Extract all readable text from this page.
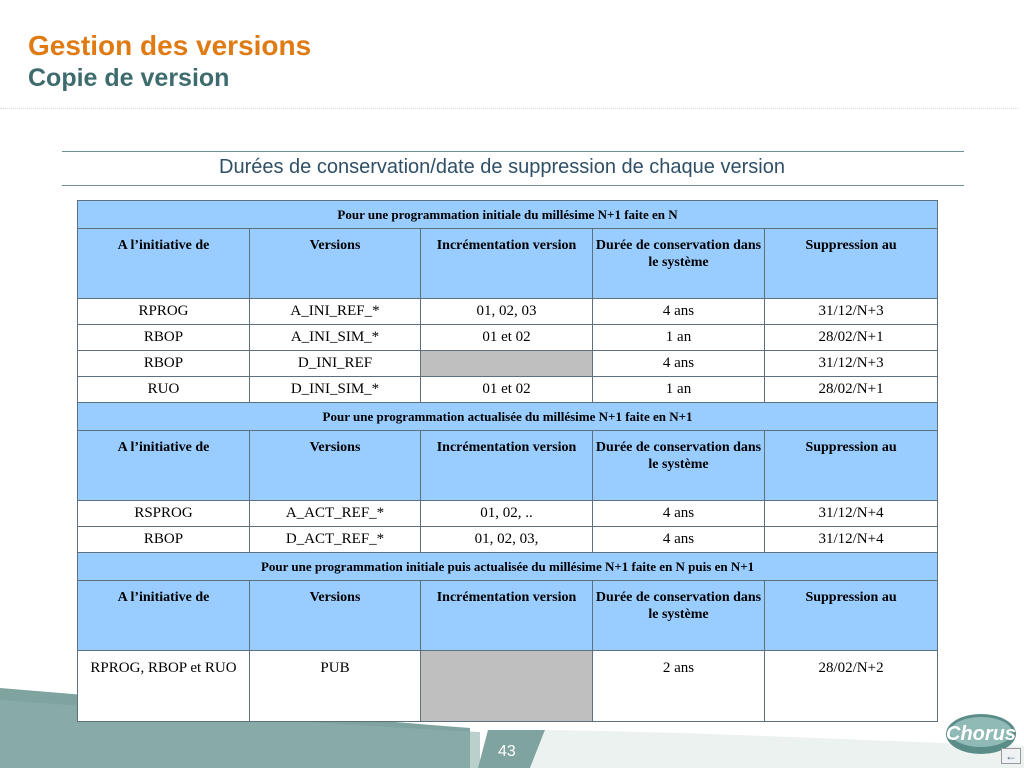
Gestion des versions
Copie de version
Durées de conservation/date de suppression de chaque version
Pour une programmation initiale du millésime N+1 faite en N				
A l’initiative de	Versions	Incrémentation version	Durée de conservation dans le système	Suppression au
RPROG	A_INI_REF_*	01, 02, 03	4 ans	31/12/N+3
RBOP	A_INI_SIM_*	01 et 02	1 an	28/02/N+1
RBOP	D_INI_REF		4 ans	31/12/N+3
RUO	D_INI_SIM_*	01 et 02	1 an	28/02/N+1
Pour une programmation actualisée du millésime N+1 faite en N+1				
A l’initiative de	Versions	Incrémentation version	Durée de conservation dans le système	Suppression au
RSPROG	A_ACT_REF_*	01, 02, ..	4 ans	31/12/N+4
RBOP	D_ACT_REF_*	01, 02, 03,	4 ans	31/12/N+4
Pour une programmation initiale puis actualisée du millésime N+1 faite en N puis en N+1				
A l’initiative de	Versions	Incrémentation version	Durée de conservation dans le système	Suppression au
RPROG, RBOP et RUO	PUB		2 ans	28/02/N+2
43
Chorus
←
